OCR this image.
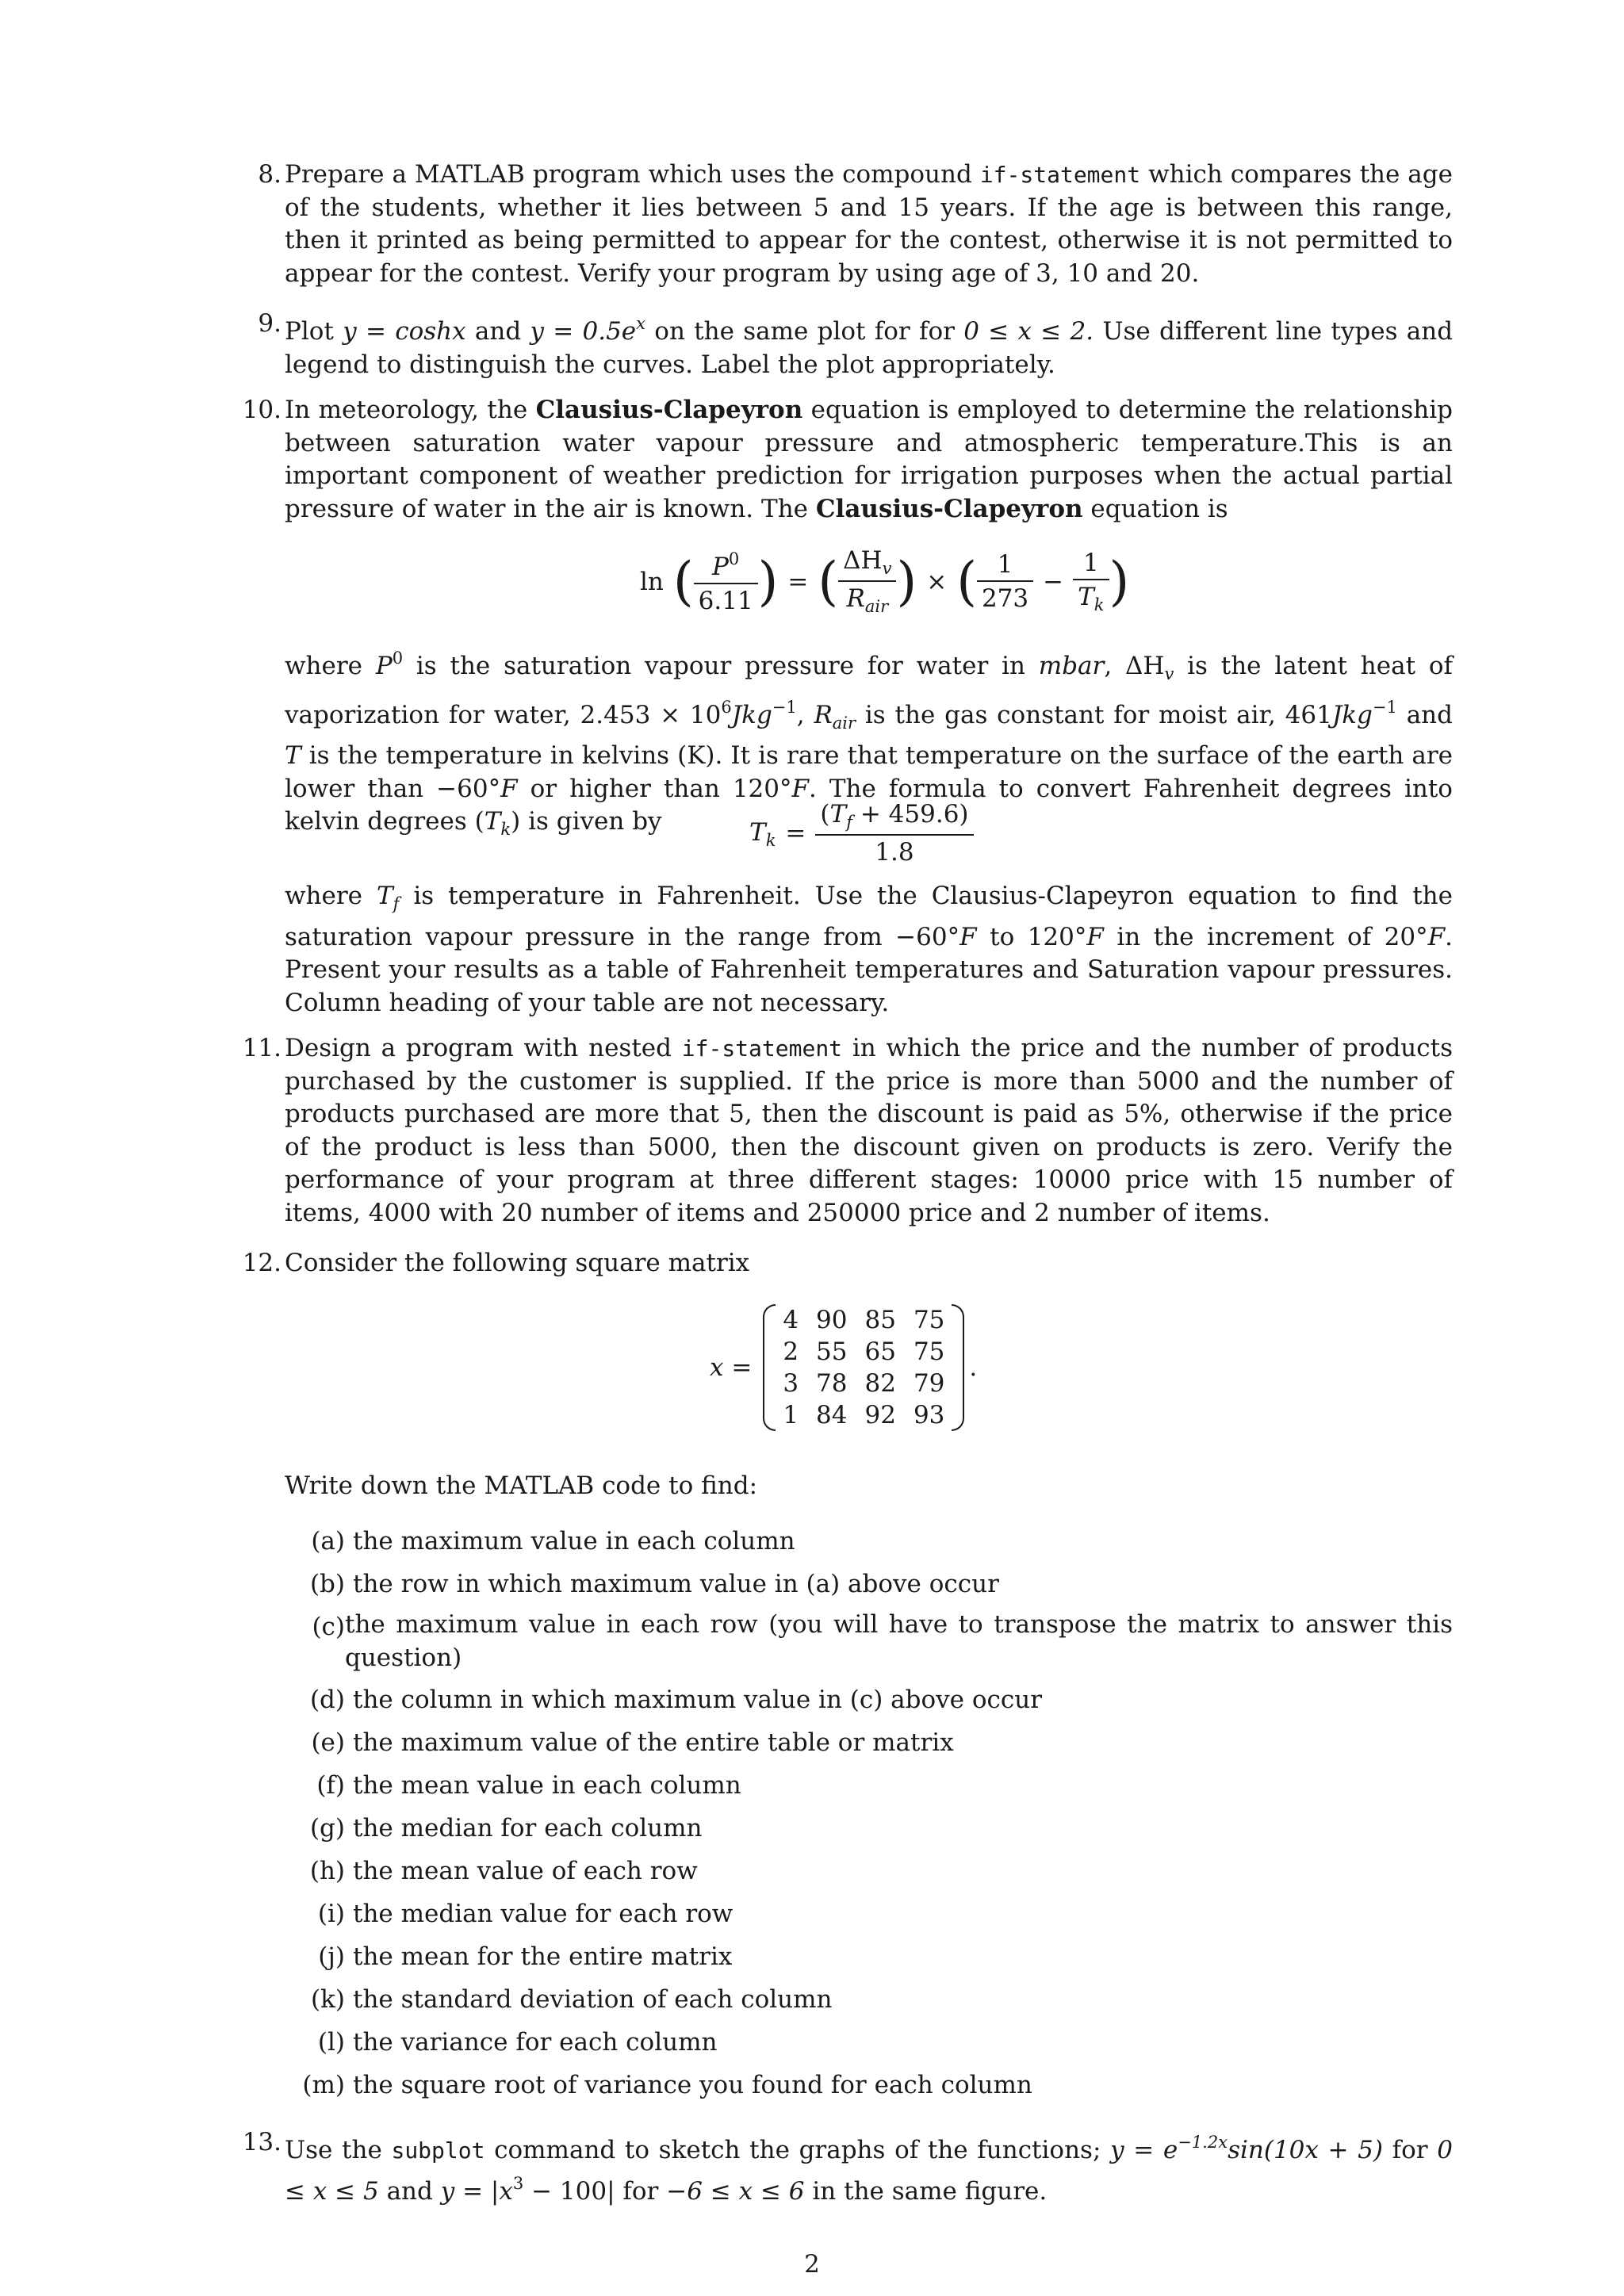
8. Prepare a MATLAB program which uses the compound if-statement which compares the age of the students, whether it lies between 5 and 15 years. If the age is between this range, then it printed as being permitted to appear for the contest, otherwise it is not permitted to appear for the contest. Verify your program by using age of 3, 10 and 20.

9. Plot y = coshx and $y = 0.5e^x$ on the same plot for for 0 ≤ x ≤ 2. Use different line types and legend to distinguish the curves. Label the plot appropriately.

10. In meteorology, the Clausius-Clapeyron equation is employed to determine the relationship between saturation water vapour pressure and atmospheric temperature.This is an important component of weather prediction for irrigation purposes when the actual partial pressure of water in the air is known. The Clausius-Clapeyron equation is

ln ( $\frac{P^0}{6.11}$ ) = ( $\frac{\Delta H_v}{R_{air}}$ ) × ( $\frac{1}{273} - \frac{1}{T_k}$ )

where $P^0$ is the saturation vapour pressure for water in mbar, $\Delta H_v$ is the latent heat of vaporization for water, $2.453 \times 10^6Jkg^{-1}$, $R_{air}$ is the gas constant for moist air, 461Jkg$^{-1}$ and T is the temperature in kelvins (K). It is rare that temperature on the surface of the earth are lower than −60°F or higher than 120°F. The formula to convert Fahrenheit degrees into kelvin degrees $(T_k)$ is given by	$T_k = \frac{(T_f + 459.6)}{1.8}$

where $T_f$ is temperature in Fahrenheit. Use the Clausius-Clapeyron equation to find the saturation vapour pressure in the range from −60°F to 120°F in the increment of 20°F. Present your results as a table of Fahrenheit temperatures and Saturation vapour pressures. Column heading of your table are not necessary.

11. Design a program with nested if-statement in which the price and the number of products purchased by the customer is supplied. If the price is more than 5000 and the number of products purchased are more that 5, then the discount is paid as 5%, otherwise if the price of the product is less than 5000, then the discount given on products is zero. Verify the performance of your program at three different stages: 10000 price with 15 number of items, 4000 with 20 number of items and 250000 price and 2 number of items.

12. Consider the following square matrix

x =
4	90	85	75
2	55	65	75
3	78	82	79
1	84	92	93
.

Write down the MATLAB code to find:

(a) the maximum value in each column
(b) the row in which maximum value in (a) above occur
(c) the maximum value in each row (you will have to transpose the matrix to answer this question)
(d) the column in which maximum value in (c) above occur
(e) the maximum value of the entire table or matrix
(f) the mean value in each column
(g) the median for each column
(h) the mean value of each row
(i) the median value for each row
(j) the mean for the entire matrix
(k) the standard deviation of each column
(l) the variance for each column
(m) the square root of variance you found for each column
13. Use the subplot command to sketch the graphs of the functions; $y = e^{-1.2x}\sin(10x + 5)$ for 0 ≤ x ≤ 5 and $y = |x^3 - 100|$ for −6 ≤ x ≤ 6 in the same figure.

2
